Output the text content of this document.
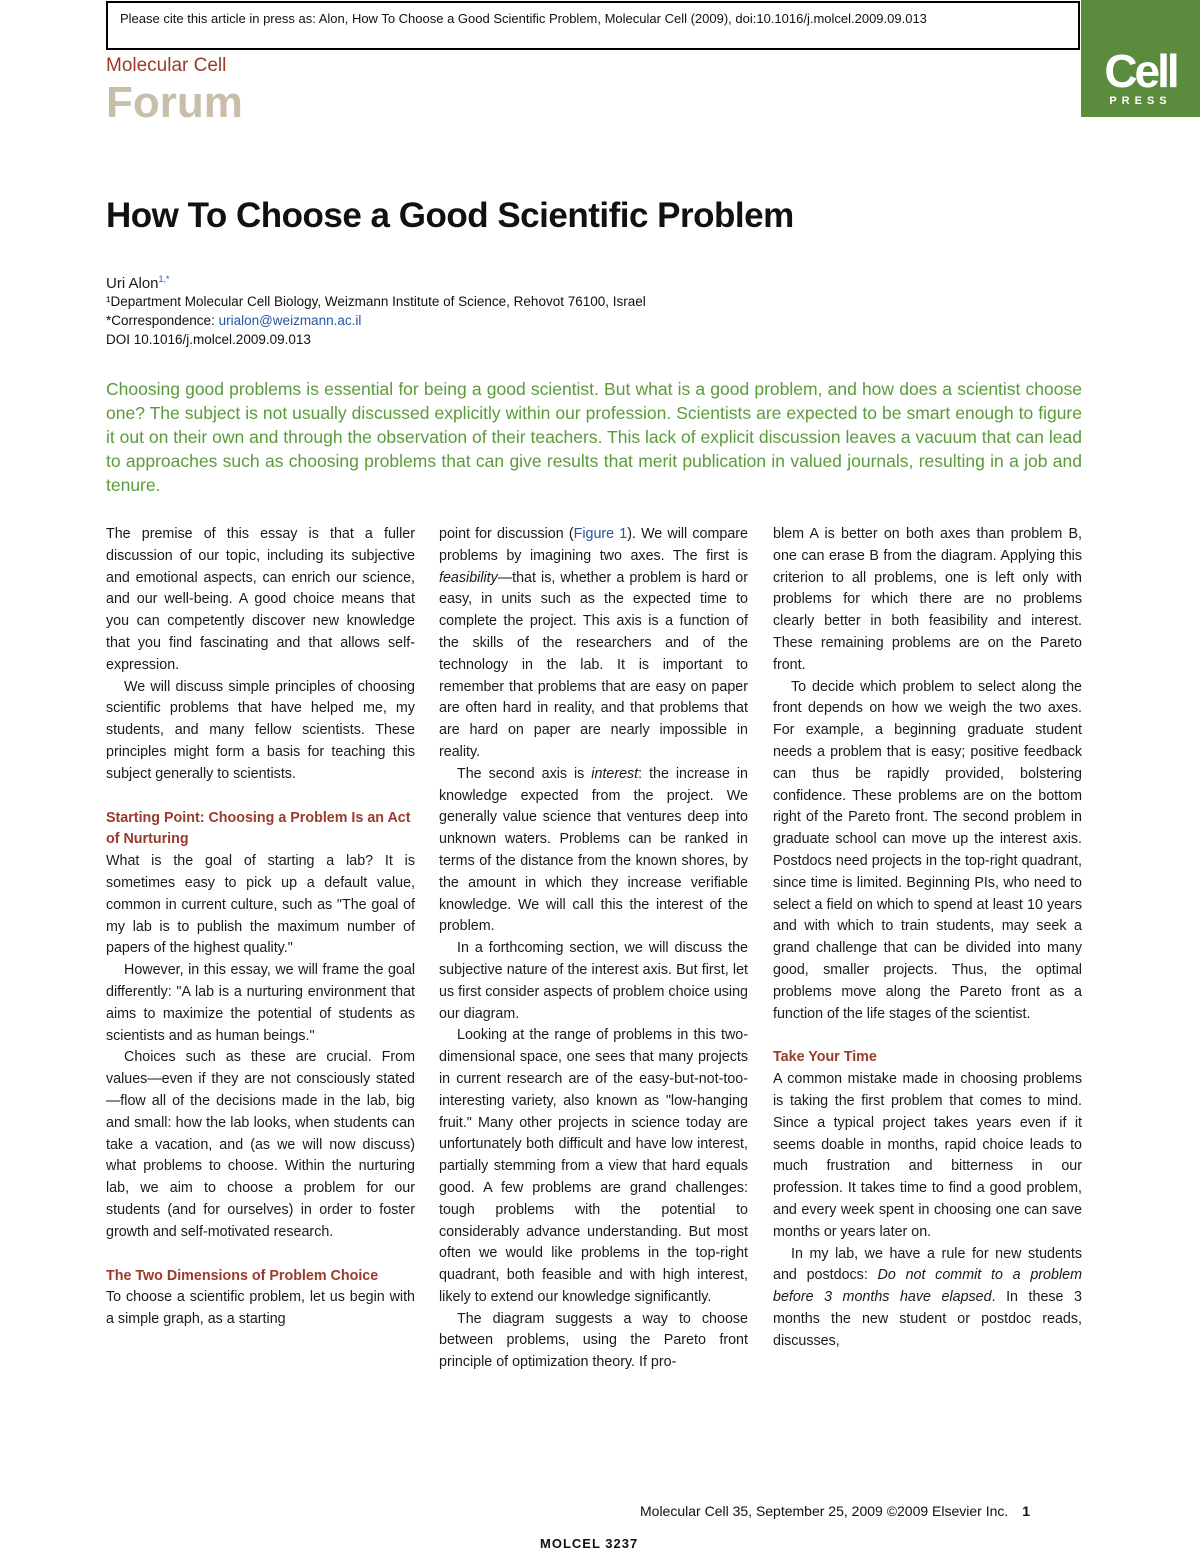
Please cite this article in press as: Alon, How To Choose a Good Scientific Problem, Molecular Cell (2009), doi:10.1016/j.molcel.2009.09.013
Cell
PRESS
Molecular Cell
Forum
How To Choose a Good Scientific Problem
Uri Alon$^{1,*}$
¹Department Molecular Cell Biology, Weizmann Institute of Science, Rehovot 76100, Israel
*Correspondence: urialon@weizmann.ac.il
DOI 10.1016/j.molcel.2009.09.013
Choosing good problems is essential for being a good scientist. But what is a good problem, and how does a scientist choose one? The subject is not usually discussed explicitly within our profession. Scientists are expected to be smart enough to figure it out on their own and through the observation of their teachers. This lack of explicit discussion leaves a vacuum that can lead to approaches such as choosing problems that can give results that merit publication in valued journals, resulting in a job and tenure.

The premise of this essay is that a fuller discussion of our topic, including its subjective and emotional aspects, can enrich our science, and our well-being. A good choice means that you can competently discover new knowledge that you find fascinating and that allows self-expression.

We will discuss simple principles of choosing scientific problems that have helped me, my students, and many fellow scientists. These principles might form a basis for teaching this subject generally to scientists.

Starting Point: Choosing a Problem Is an Act of Nurturing

What is the goal of starting a lab? It is sometimes easy to pick up a default value, common in current culture, such as "The goal of my lab is to publish the maximum number of papers of the highest quality."

However, in this essay, we will frame the goal differently: "A lab is a nurturing environment that aims to maximize the potential of students as scientists and as human beings."

Choices such as these are crucial. From values—even if they are not consciously stated—flow all of the decisions made in the lab, big and small: how the lab looks, when students can take a vacation, and (as we will now discuss) what problems to choose. Within the nurturing lab, we aim to choose a problem for our students (and for ourselves) in order to foster growth and self-motivated research.

The Two Dimensions of Problem Choice

To choose a scientific problem, let us begin with a simple graph, as a starting

point for discussion (Figure 1). We will compare problems by imagining two axes. The first is feasibility—that is, whether a problem is hard or easy, in units such as the expected time to complete the project. This axis is a function of the skills of the researchers and of the technology in the lab. It is important to remember that problems that are easy on paper are often hard in reality, and that problems that are hard on paper are nearly impossible in reality.

The second axis is interest: the increase in knowledge expected from the project. We generally value science that ventures deep into unknown waters. Problems can be ranked in terms of the distance from the known shores, by the amount in which they increase verifiable knowledge. We will call this the interest of the problem.

In a forthcoming section, we will discuss the subjective nature of the interest axis. But first, let us first consider aspects of problem choice using our diagram.

Looking at the range of problems in this two-dimensional space, one sees that many projects in current research are of the easy-but-not-too-interesting variety, also known as "low-hanging fruit." Many other projects in science today are unfortunately both difficult and have low interest, partially stemming from a view that hard equals good. A few problems are grand challenges: tough problems with the potential to considerably advance understanding. But most often we would like problems in the top-right quadrant, both feasible and with high interest, likely to extend our knowledge significantly.

The diagram suggests a way to choose between problems, using the Pareto front principle of optimization theory. If pro-

blem A is better on both axes than problem B, one can erase B from the diagram. Applying this criterion to all problems, one is left only with problems for which there are no problems clearly better in both feasibility and interest. These remaining problems are on the Pareto front.

To decide which problem to select along the front depends on how we weigh the two axes. For example, a beginning graduate student needs a problem that is easy; positive feedback can thus be rapidly provided, bolstering confidence. These problems are on the bottom right of the Pareto front. The second problem in graduate school can move up the interest axis. Postdocs need projects in the top-right quadrant, since time is limited. Beginning PIs, who need to select a field on which to spend at least 10 years and with which to train students, may seek a grand challenge that can be divided into many good, smaller projects. Thus, the optimal problems move along the Pareto front as a function of the life stages of the scientist.

Take Your Time

A common mistake made in choosing problems is taking the first problem that comes to mind. Since a typical project takes years even if it seems doable in months, rapid choice leads to much frustration and bitterness in our profession. It takes time to find a good problem, and every week spent in choosing one can save months or years later on.

In my lab, we have a rule for new students and postdocs: Do not commit to a problem before 3 months have elapsed. In these 3 months the new student or postdoc reads, discusses,

Molecular Cell 35, September 25, 2009 ©2009 Elsevier Inc. 1
MOLCEL 3237
